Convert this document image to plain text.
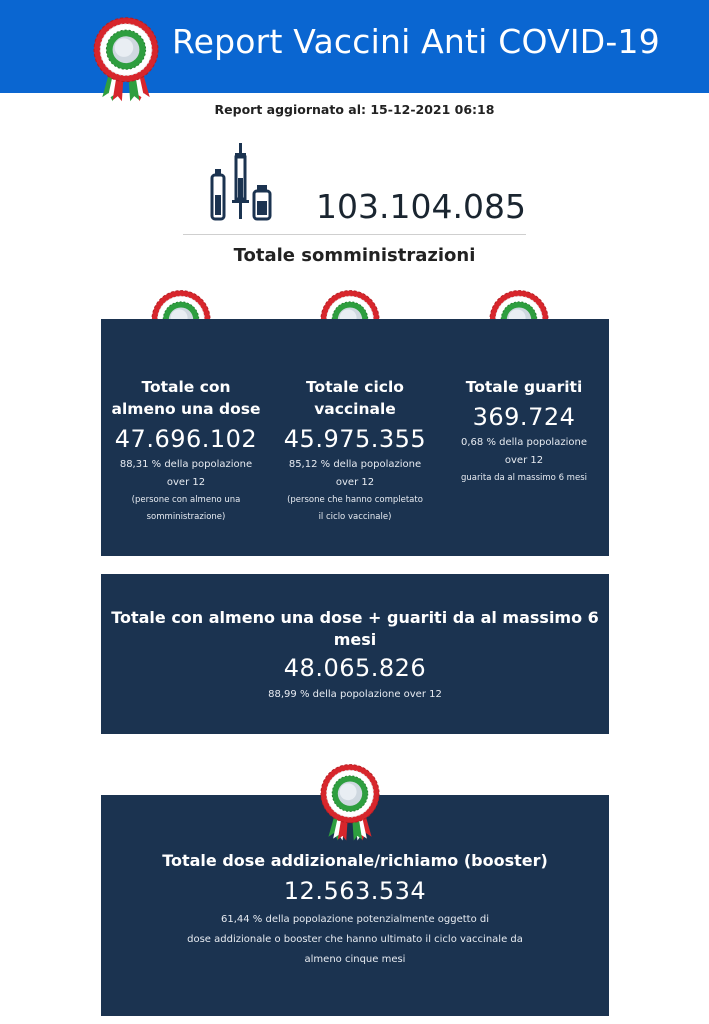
Report Vaccini Anti COVID-19
Report aggiornato al: 15-12-2021 06:18
103.104.085
Totale somministrazioni
Totale con
almeno una dose
47.696.102
88,31 % della popolazione
over 12
(persone con almeno una
somministrazione)
Totale ciclo
vaccinale
45.975.355
85,12 % della popolazione
over 12
(persone che hanno completato
il ciclo vaccinale)
Totale guariti
369.724
0,68 % della popolazione
over 12
guarita da al massimo 6 mesi
Totale con almeno una dose + guariti da al massimo 6 mesi
48.065.826
88,99 % della popolazione over 12
Totale dose addizionale/richiamo (booster)
12.563.534
61,44 % della popolazione potenzialmente oggetto di
dose addizionale o booster che hanno ultimato il ciclo vaccinale da
almeno cinque mesi
